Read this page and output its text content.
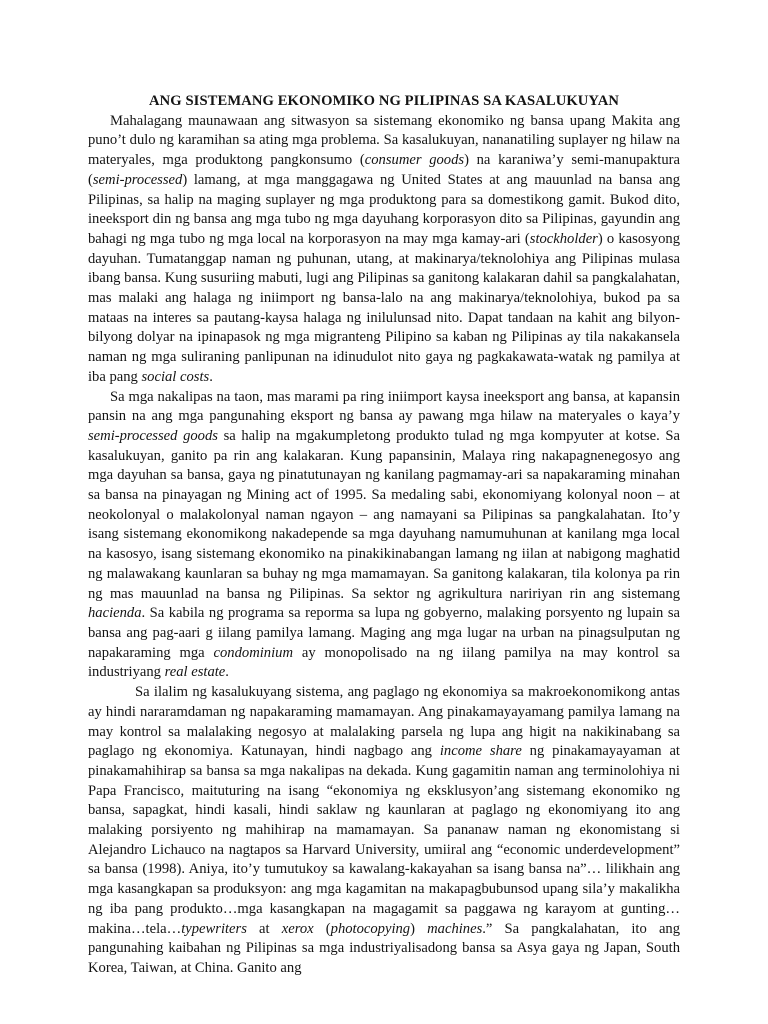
ANG SISTEMANG EKONOMIKO NG PILIPINAS SA KASALUKUYAN

Mahalagang maunawaan ang sitwasyon sa sistemang ekonomiko ng bansa upang Makita ang puno’t dulo ng karamihan sa ating mga problema. Sa kasalukuyan, nananatiling suplayer ng hilaw na materyales, mga produktong pangkonsumo (consumer goods) na karaniwa’y semi-manupaktura (semi-processed) lamang, at mga manggagawa ng United States at ang mauunlad na bansa ang Pilipinas, sa halip na maging suplayer ng mga produktong para sa domestikong gamit. Bukod dito, ineeksport din ng bansa ang mga tubo ng mga dayuhang korporasyon dito sa Pilipinas, gayundin ang bahagi ng mga tubo ng mga local na korporasyon na may mga kamay-ari (stockholder) o kasosyong dayuhan. Tumatanggap naman ng puhunan, utang, at makinarya/teknolohiya ang Pilipinas mulasa ibang bansa. Kung susuriing mabuti, lugi ang Pilipinas sa ganitong kalakaran dahil sa pangkalahatan, mas malaki ang halaga ng iniimport ng bansa-lalo na ang makinarya/teknolohiya, bukod pa sa mataas na interes sa pautang-kaysa halaga ng inilulunsad nito. Dapat tandaan na kahit ang bilyon-bilyong dolyar na ipinapasok ng mga migranteng Pilipino sa kaban ng Pilipinas ay tila nakakansela naman ng mga suliraning panlipunan na idinudulot nito gaya ng pagkakawata-watak ng pamilya at iba pang social costs.

Sa mga nakalipas na taon, mas marami pa ring iniimport kaysa ineeksport ang bansa, at kapansin pansin na ang mga pangunahing eksport ng bansa ay pawang mga hilaw na materyales o kaya’y semi-processed goods sa halip na mgakumpletong produkto tulad ng mga kompyuter at kotse. Sa kasalukuyan, ganito pa rin ang kalakaran. Kung papansinin, Malaya ring nakapagnenegosyo ang mga dayuhan sa bansa, gaya ng pinatutunayan ng kanilang pagmamay-ari sa napakaraming minahan sa bansa na pinayagan ng Mining act of 1995. Sa medaling sabi, ekonomiyang kolonyal noon – at neokolonyal o malakolonyal naman ngayon – ang namayani sa Pilipinas sa pangkalahatan. Ito’y isang sistemang ekonomikong nakadepende sa mga dayuhang namumuhunan at kanilang mga local na kasosyo, isang sistemang ekonomiko na pinakikinabangan lamang ng iilan at nabigong maghatid ng malawakang kaunlaran sa buhay ng mga mamamayan. Sa ganitong kalakaran, tila kolonya pa rin ng mas mauunlad na bansa ng Pilipinas. Sa sektor ng agrikultura naririyan rin ang sistemang hacienda. Sa kabila ng programa sa reporma sa lupa ng gobyerno, malaking porsyento ng lupain sa bansa ang pag-aari g iilang pamilya lamang. Maging ang mga lugar na urban na pinagsulputan ng napakaraming mga condominium ay monopolisado na ng iilang pamilya na may kontrol sa industriyang real estate.

Sa ilalim ng kasalukuyang sistema, ang paglago ng ekonomiya sa makroekonomikong antas ay hindi nararamdaman ng napakaraming mamamayan. Ang pinakamayayamang pamilya lamang na may kontrol sa malalaking negosyo at malalaking parsela ng lupa ang higit na nakikinabang sa paglago ng ekonomiya. Katunayan, hindi nagbago ang income share ng pinakamayayaman at pinakamahihirap sa bansa sa mga nakalipas na dekada. Kung gagamitin naman ang terminolohiya ni Papa Francisco, maituturing na isang “ekonomiya ng eksklusyon’ang sistemang ekonomiko ng bansa, sapagkat, hindi kasali, hindi saklaw ng kaunlaran at paglago ng ekonomiyang ito ang malaking porsiyento ng mahihirap na mamamayan. Sa pananaw naman ng ekonomistang si Alejandro Lichauco na nagtapos sa Harvard University, umiiral ang “economic underdevelopment” sa bansa (1998). Aniya, ito’y tumutukoy sa kawalang-kakayahan sa isang bansa na”… lilikhain ang mga kasangkapan sa produksyon: ang mga kagamitan na makapagbubunsod upang sila’y makalikha ng iba pang produkto…mga kasangkapan na magagamit sa paggawa ng karayom at gunting…makina…tela…typewriters at xerox (photocopying) machines.” Sa pangkalahatan, ito ang pangunahing kaibahan ng Pilipinas sa mga industriyalisadong bansa sa Asya gaya ng Japan, South Korea, Taiwan, at China. Ganito ang
